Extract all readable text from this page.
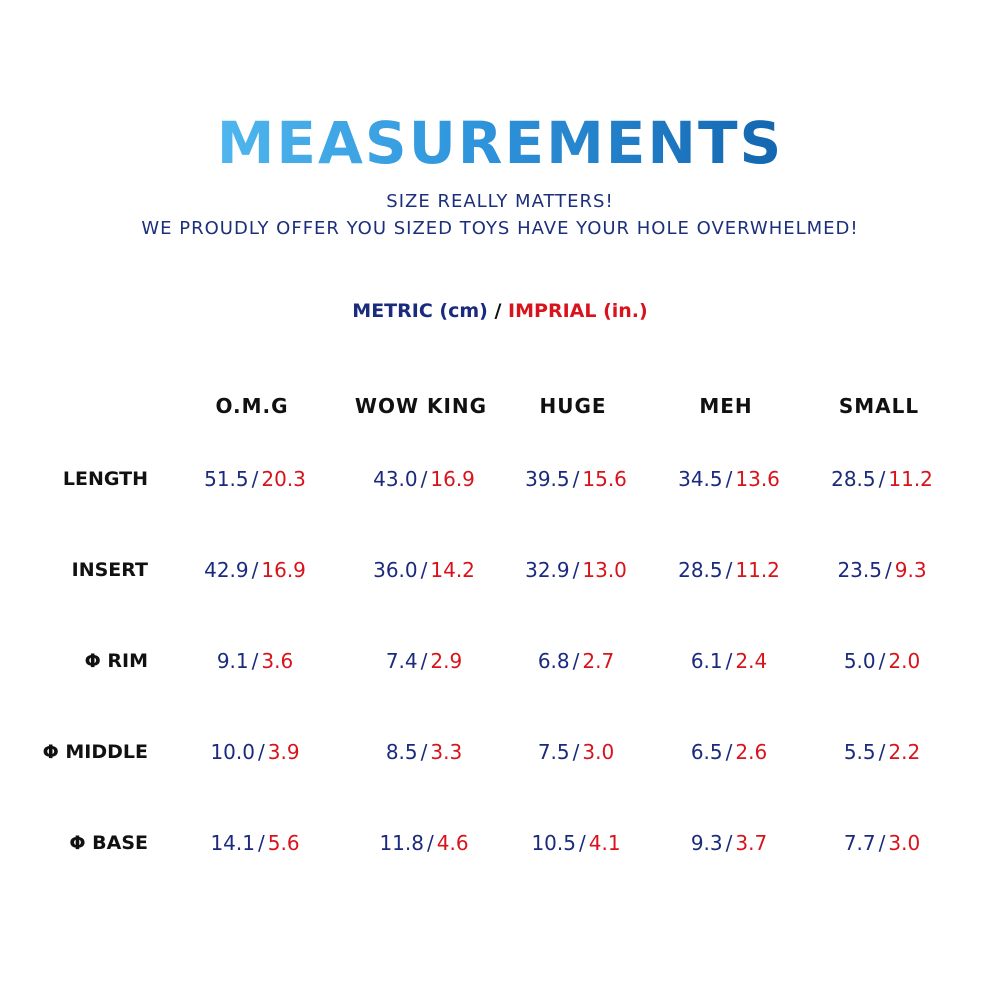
MEASUREMENTS
SIZE REALLY MATTERS!
WE PROUDLY OFFER YOU SIZED TOYS HAVE YOUR HOLE OVERWHELMED!
METRIC (cm) / IMPRIAL (in.)
O.M.G	WOW KING	HUGE	MEH	SMALL
LENGTH	51.5 / 20.3	43.0 / 16.9	39.5 / 15.6	34.5 / 13.6	28.5 / 11.2
INSERT	42.9 / 16.9	36.0 / 14.2	32.9 / 13.0	28.5 / 11.2	23.5 / 9.3
Φ RIM	9.1 / 3.6	7.4 / 2.9	6.8 / 2.7	6.1 / 2.4	5.0 / 2.0
Φ MIDDLE	10.0 / 3.9	8.5 / 3.3	7.5 / 3.0	6.5 / 2.6	5.5 / 2.2
Φ BASE	14.1 / 5.6	11.8 / 4.6	10.5 / 4.1	9.3 / 3.7	7.7 / 3.0
